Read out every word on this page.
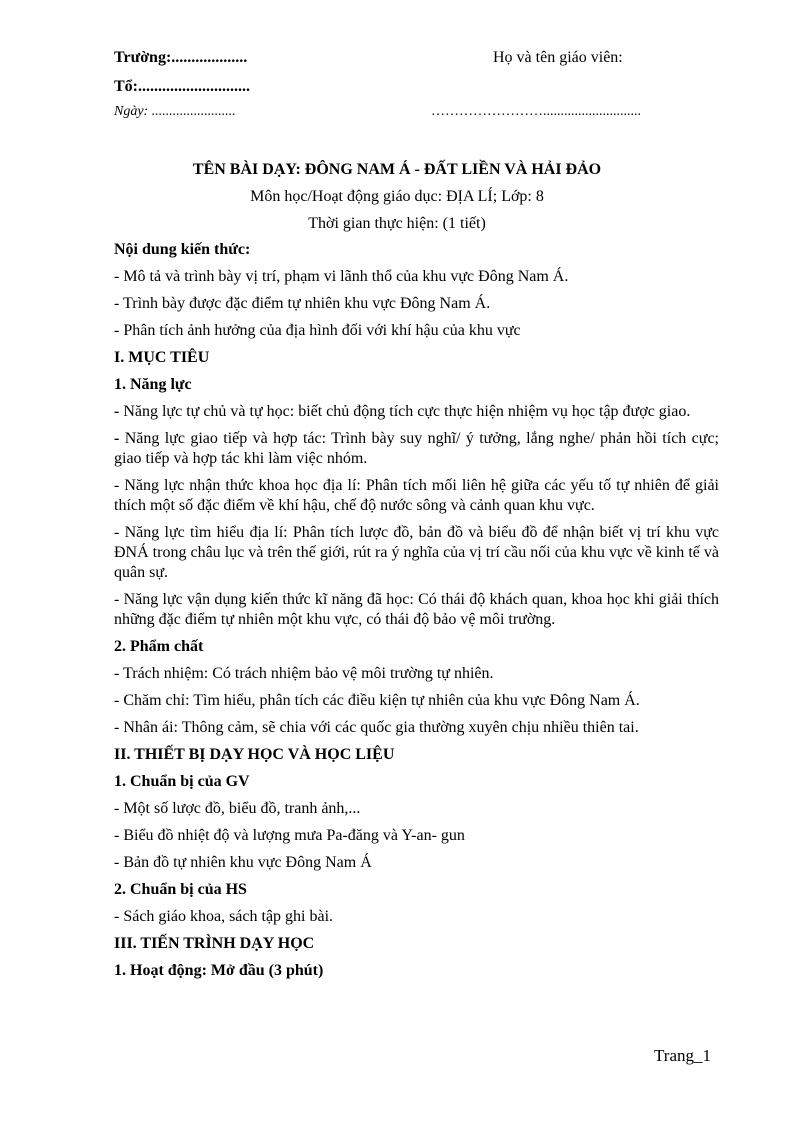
Trường:...................	Họ và tên giáo viên:
Tổ:............................
Ngày: ........................	……………………............................
TÊN BÀI DẠY: ĐÔNG NAM Á - ĐẤT LIỀN VÀ HẢI ĐẢO
Môn học/Hoạt động giáo dục: ĐỊA LÍ; Lớp: 8
Thời gian thực hiện: (1 tiết)

Nội dung kiến thức:

- Mô tả và trình bày vị trí, phạm vi lãnh thổ của khu vực Đông Nam Á.

- Trình bày được đặc điểm tự nhiên khu vực Đông Nam Á.

- Phân tích ảnh hưởng của địa hình đối với khí hậu của khu vực

I. MỤC TIÊU

1. Năng lực

- Năng lực tự chủ và tự học: biết chủ động tích cực thực hiện nhiệm vụ học tập được giao.

- Năng lực giao tiếp và hợp tác: Trình bày suy nghĩ/ ý tưởng, lắng nghe/ phản hồi tích cực; giao tiếp và hợp tác khi làm việc nhóm.

- Năng lực nhận thức khoa học địa lí: Phân tích mối liên hệ giữa các yếu tố tự nhiên để giải thích một số đặc điểm về khí hậu, chế độ nước sông và cảnh quan khu vực.

- Năng lực tìm hiểu địa lí: Phân tích lược đồ, bản đồ và biểu đồ để nhận biết vị trí khu vực ĐNÁ trong châu lục và trên thế giới, rút ra ý nghĩa của vị trí cầu nối của khu vực về kinh tế và quân sự.

- Năng lực vận dụng kiến thức kĩ năng đã học: Có thái độ khách quan, khoa học khi giải thích những đặc điểm tự nhiên một khu vực, có thái độ bảo vệ môi trường.

2. Phẩm chất

- Trách nhiệm: Có trách nhiệm bảo vệ môi trường tự nhiên.

- Chăm chỉ: Tìm hiểu, phân tích các điều kiện tự nhiên của khu vực Đông Nam Á.

- Nhân ái: Thông cảm, sẽ chia với các quốc gia thường xuyên chịu nhiều thiên tai.

II. THIẾT BỊ DẠY HỌC VÀ HỌC LIỆU

1. Chuẩn bị của GV

- Một số lược đồ, biểu đồ, tranh ảnh,...

- Biểu đồ nhiệt độ và lượng mưa Pa-đăng và Y-an- gun

- Bản đồ tự nhiên khu vực Đông Nam Á

2. Chuẩn bị của HS

- Sách giáo khoa, sách tập ghi bài.

III. TIẾN TRÌNH DẠY HỌC

1. Hoạt động: Mở đầu (3 phút)

Trang_1
